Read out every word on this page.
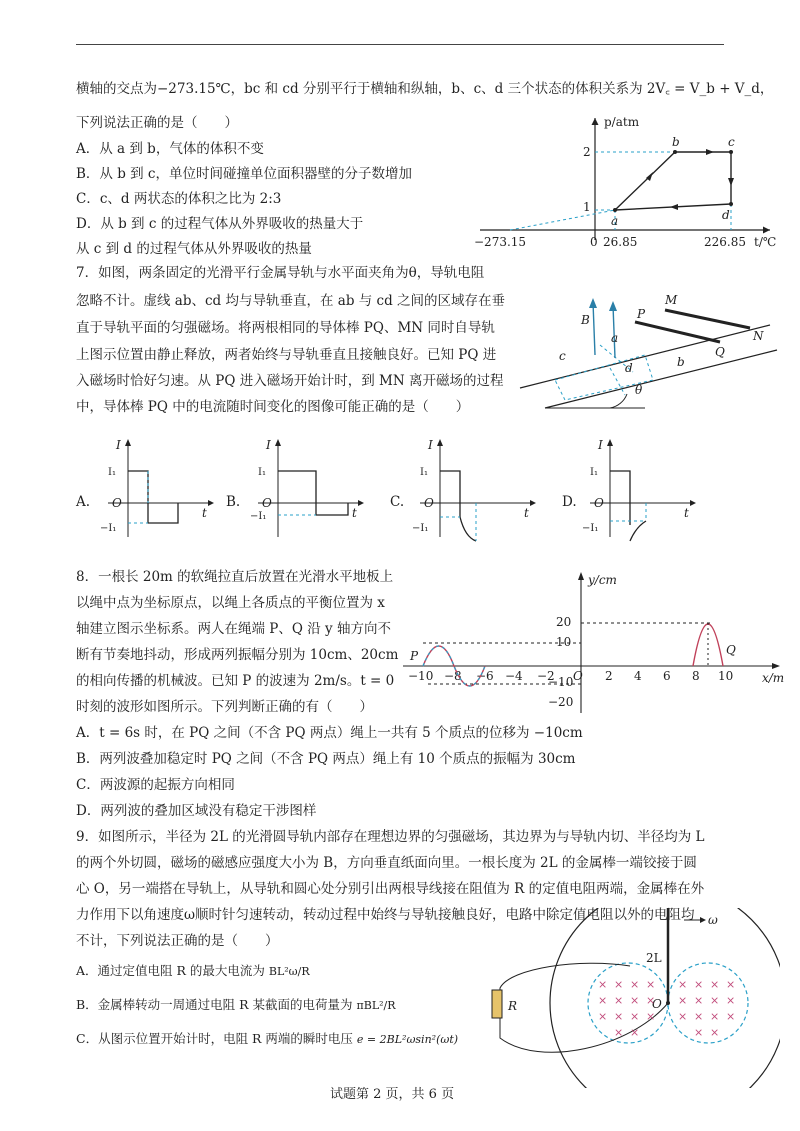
横轴的交点为−273.15℃，bc 和 cd 分别平行于横轴和纵轴，b、c、d 三个状态的体积关系为 2V꜀ = V_b + V_d，
下列说法正确的是（　　）
A．从 a 到 b，气体的体积不变
B．从 b 到 c，单位时间碰撞单位面积器壁的分子数增加
C．c、d 两状态的体积之比为 2:3
D．从 b 到 c 的过程气体从外界吸收的热量大于
从 c 到 d 的过程气体从外界吸收的热量
p/atm
t/℃
2
1
−273.15	0 26.85	226.85
a
b	c
d
7．如图，两条固定的光滑平行金属导轨与水平面夹角为θ，导轨电阻
忽略不计。虚线 ab、cd 均与导轨垂直，在 ab 与 cd 之间的区域存在垂
直于导轨平面的匀强磁场。将两根相同的导体棒 PQ、MN 同时自导轨
上图示位置由静止释放，两者始终与导轨垂直且接触良好。已知 PQ 进
入磁场时恰好匀速。从 PQ 进入磁场开始计时，到 MN 离开磁场的过程
中，导体棒 PQ 中的电流随时间变化的图像可能正确的是（　　）
B
M
P
N
Q
a
b
c
d
θ
A.
I
t
O
I₁
−I₁
B.
I
t
O
I₁
−I₁
C.
I
t
O
I₁
−I₁
D.
I
t
O
I₁
−I₁
8．一根长 20m 的软绳拉直后放置在光滑水平地板上
以绳中点为坐标原点，以绳上各质点的平衡位置为 x
轴建立图示坐标系。两人在绳端 P、Q 沿 y 轴方向不
断有节奏地抖动，形成两列振幅分别为 10cm、20cm
的相向传播的机械波。已知 P 的波速为 2m/s。t = 0
时刻的波形如图所示。下列判断正确的有（　　）
y/cm
x/m
20
10
−10
−20
−10 −8 −6 −4 −2 O 2 4 6 8 10
P	Q
A．t = 6s 时，在 PQ 之间（不含 PQ 两点）绳上一共有 5 个质点的位移为 −10cm
B．两列波叠加稳定时 PQ 之间（不含 PQ 两点）绳上有 10 个质点的振幅为 30cm
C．两波源的起振方向相同
D．两列波的叠加区域没有稳定干涉图样
9．如图所示，半径为 2L 的光滑圆导轨内部存在理想边界的匀强磁场，其边界为与导轨内切、半径均为 L
的两个外切圆，磁场的磁感应强度大小为 B，方向垂直纸面向里。一根长度为 2L 的金属棒一端铰接于圆
心 O，另一端搭在导轨上，从导轨和圆心处分别引出两根导线接在阻值为 R 的定值电阻两端，金属棒在外
力作用下以角速度ω顺时针匀速转动，转动过程中始终与导轨接触良好，电路中除定值电阻以外的电阻均
不计，下列说法正确的是（　　）
A．通过定值电阻 R 的最大电流为 BL²ω/R
B．金属棒转动一周通过电阻 R 某截面的电荷量为 πBL²/R
C．从图示位置开始计时，电阻 R 两端的瞬时电压 e = 2BL²ωsin²(ωt)
ω
2L
O
R
× × × ×
× × × ×
× × × ×
× ×
× × × ×
× × × ×
× × × ×
× ×
试题第 2 页，共 6 页
